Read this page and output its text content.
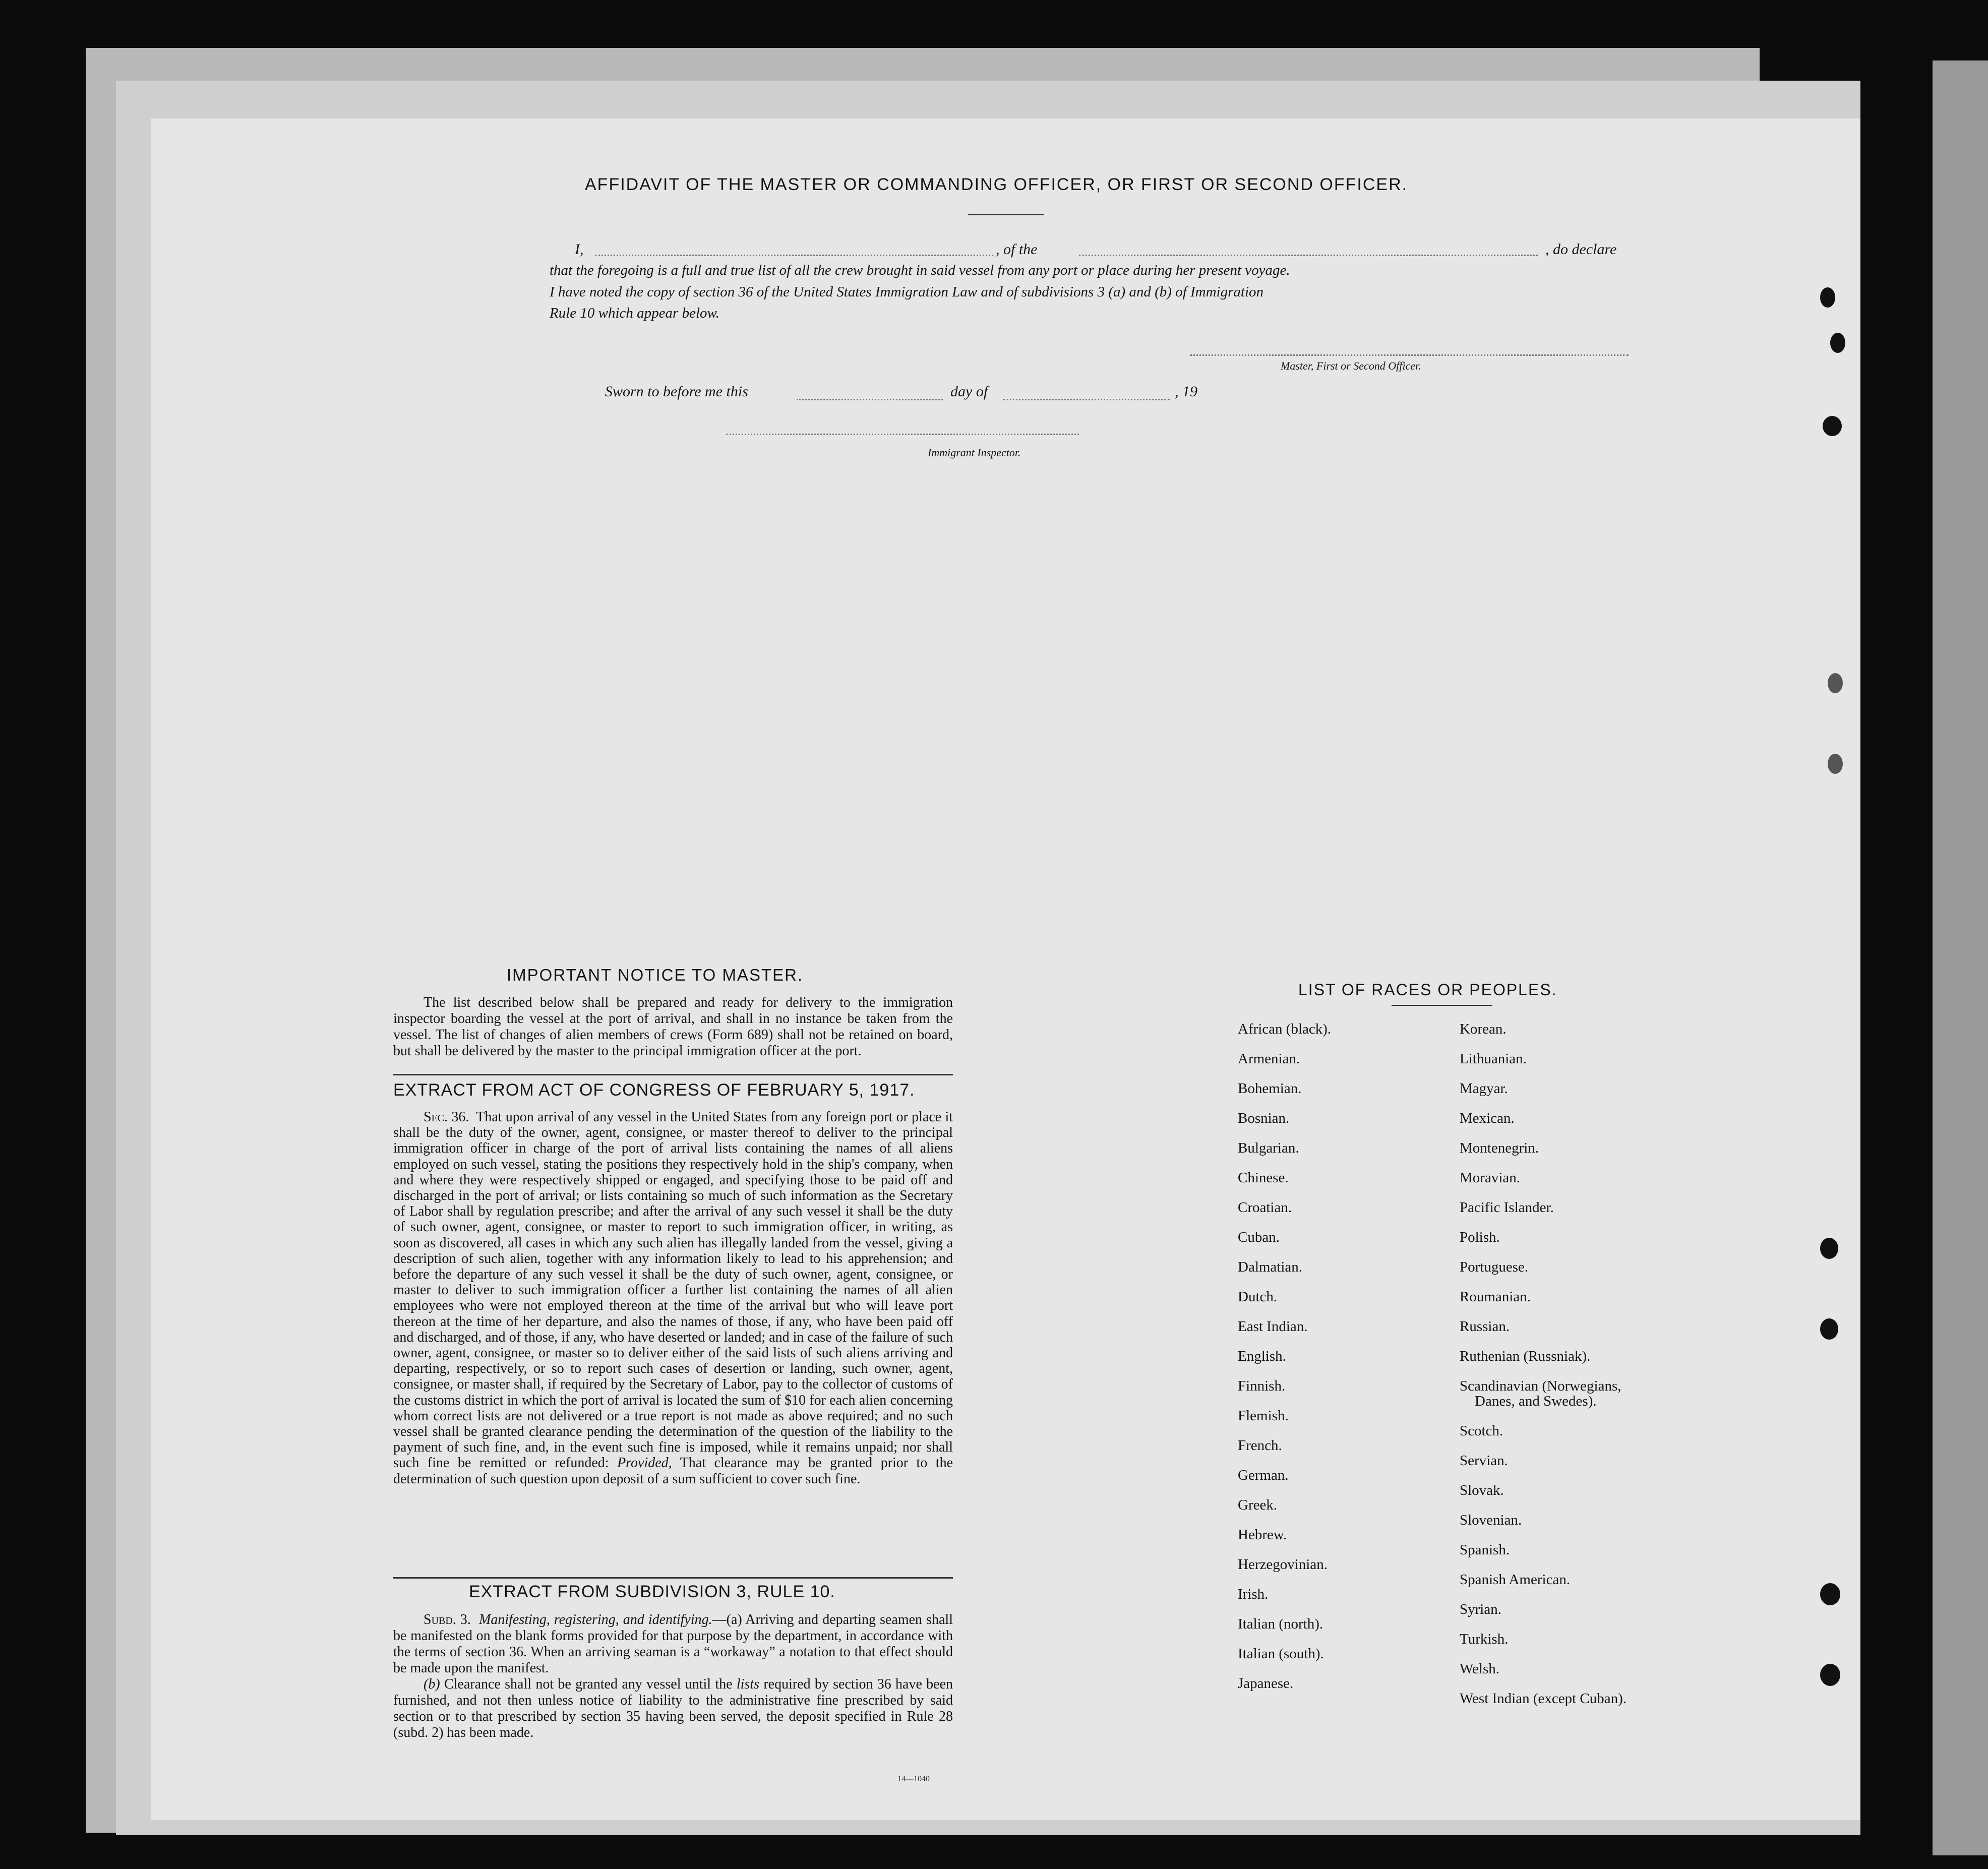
AFFIDAVIT OF THE MASTER OR COMMANDING OFFICER, OR FIRST OR SECOND OFFICER.
I,	, of the	, do declare
that the foregoing is a full and true list of all the crew brought in said vessel from any port or place during her present voyage.
I have noted the copy of section 36 of the United States Immigration Law and of subdivisions 3 (a) and (b) of Immigration
Rule 10 which appear below.
Master, First or Second Officer.
Sworn to before me this	day of	, 19
Immigrant Inspector.
IMPORTANT NOTICE TO MASTER.

The list described below shall be prepared and ready for delivery to the immigration inspector boarding the vessel at the port of arrival, and shall in no instance be taken from the vessel. The list of changes of alien members of crews (Form 689) shall not be retained on board, but shall be delivered by the master to the principal immigration officer at the port.

EXTRACT FROM ACT OF CONGRESS OF FEBRUARY 5, 1917.

Sec. 36. That upon arrival of any vessel in the United States from any foreign port or place it shall be the duty of the owner, agent, consignee, or master thereof to deliver to the principal immigration officer in charge of the port of arrival lists containing the names of all aliens employed on such vessel, stating the positions they respectively hold in the ship's company, when and where they were respectively shipped or engaged, and specifying those to be paid off and discharged in the port of arrival; or lists containing so much of such information as the Secretary of Labor shall by regulation prescribe; and after the arrival of any such vessel it shall be the duty of such owner, agent, consignee, or master to report to such immigration officer, in writing, as soon as discovered, all cases in which any such alien has illegally landed from the vessel, giving a description of such alien, together with any information likely to lead to his apprehension; and before the departure of any such vessel it shall be the duty of such owner, agent, consignee, or master to deliver to such immigration officer a further list containing the names of all alien employees who were not employed thereon at the time of the arrival but who will leave port thereon at the time of her departure, and also the names of those, if any, who have been paid off and discharged, and of those, if any, who have deserted or landed; and in case of the failure of such owner, agent, consignee, or master so to deliver either of the said lists of such aliens arriving and departing, respectively, or so to report such cases of desertion or landing, such owner, agent, consignee, or master shall, if required by the Secretary of Labor, pay to the collector of customs of the customs district in which the port of arrival is located the sum of $10 for each alien concerning whom correct lists are not delivered or a true report is not made as above required; and no such vessel shall be granted clearance pending the determination of the question of the liability to the payment of such fine, and, in the event such fine is imposed, while it remains unpaid; nor shall such fine be remitted or refunded: Provided, That clearance may be granted prior to the determination of such question upon deposit of a sum sufficient to cover such fine.

EXTRACT FROM SUBDIVISION 3, RULE 10.

Subd. 3. Manifesting, registering, and identifying.—(a) Arriving and departing seamen shall be manifested on the blank forms provided for that purpose by the department, in accordance with the terms of section 36. When an arriving seaman is a “workaway” a notation to that effect should be made upon the manifest.

(b) Clearance shall not be granted any vessel until the lists required by section 36 have been furnished, and not then unless notice of liability to the administrative fine prescribed by said section or to that prescribed by section 35 having been served, the deposit specified in Rule 28 (subd. 2) has been made.

14—1040
LIST OF RACES OR PEOPLES.
African (black).
Armenian.
Bohemian.
Bosnian.
Bulgarian.
Chinese.
Croatian.
Cuban.
Dalmatian.
Dutch.
East Indian.
English.
Finnish.
Flemish.
French.
German.
Greek.
Hebrew.
Herzegovinian.
Irish.
Italian (north).
Italian (south).
Japanese.
Korean.
Lithuanian.
Magyar.
Mexican.
Montenegrin.
Moravian.
Pacific Islander.
Polish.
Portuguese.
Roumanian.
Russian.
Ruthenian (Russniak).
Scandinavian (Norwegians,
Danes, and Swedes).
Scotch.
Servian.
Slovak.
Slovenian.
Spanish.
Spanish American.
Syrian.
Turkish.
Welsh.
West Indian (except Cuban).
